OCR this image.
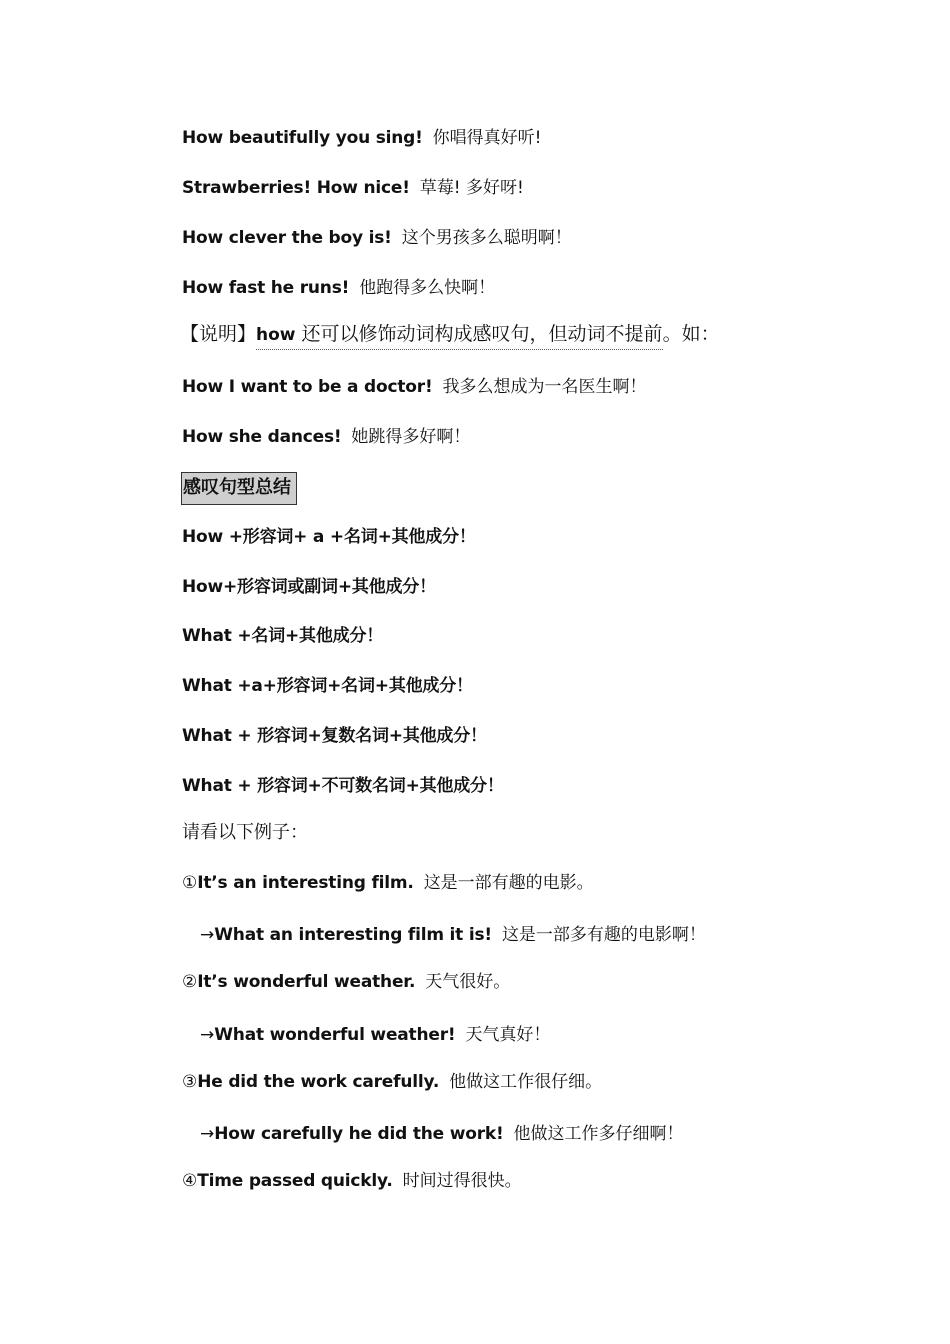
How beautifully you sing! 你唱得真好听!
Strawberries! How nice! 草莓! 多好呀!
How clever the boy is! 这个男孩多么聪明啊！
How fast he runs! 他跑得多么快啊！
【说明】how 还可以修饰动词构成感叹句，但动词不提前。如：
How I want to be a doctor! 我多么想成为一名医生啊！
How she dances! 她跳得多好啊！
感叹句型总结
How +形容词+ a +名词+其他成分！
How+形容词或副词+其他成分！
What +名词+其他成分！
What +a+形容词+名词+其他成分！
What + 形容词+复数名词+其他成分！
What + 形容词+不可数名词+其他成分！
请看以下例子：
①It’s an interesting film. 这是一部有趣的电影。
→What an interesting film it is! 这是一部多有趣的电影啊！
②It’s wonderful weather. 天气很好。
→What wonderful weather! 天气真好！
③He did the work carefully. 他做这工作很仔细。
→How carefully he did the work! 他做这工作多仔细啊！
④Time passed quickly. 时间过得很快。
